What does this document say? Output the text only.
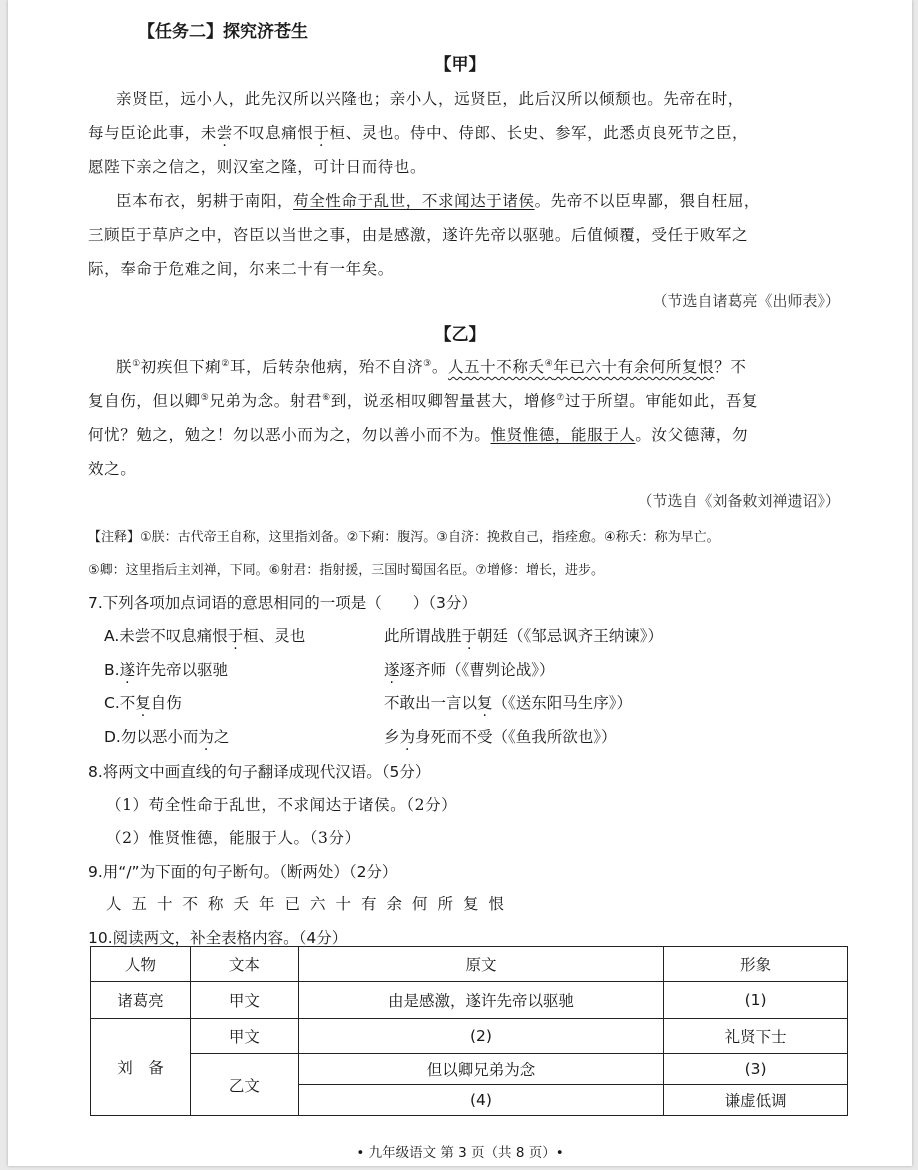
【任务二】探究济苍生
【甲】
亲贤臣，远小人，此先汉所以兴隆也；亲小人，远贤臣，此后汉所以倾颓也。先帝在时，
每与臣论此事，未尝不叹息痛恨于桓、灵也。侍中、侍郎、长史、参军，此悉贞良死节之臣，
愿陛下亲之信之，则汉室之隆，可计日而待也。
臣本布衣，躬耕于南阳，苟全性命于乱世，不求闻达于诸侯。先帝不以臣卑鄙，猥自枉屈，
三顾臣于草庐之中，咨臣以当世之事，由是感激，遂许先帝以驱驰。后值倾覆，受任于败军之
际，奉命于危难之间，尔来二十有一年矣。
（节选自诸葛亮《出师表》）
【乙】
朕①初疾但下痢②耳，后转杂他病，殆不自济③。人五十不称夭④年已六十有余何所复恨？不
复自伤，但以卿⑤兄弟为念。射君⑥到，说丞相叹卿智量甚大，增修⑦过于所望。审能如此，吾复
何忧？勉之，勉之！勿以恶小而为之，勿以善小而不为。惟贤惟德，能服于人。汝父德薄，勿
效之。
（节选自《刘备敕刘禅遗诏》）
【注释】①朕：古代帝王自称，这里指刘备。②下痢：腹泻。③自济：挽救自己，指痊愈。④称夭：称为早亡。
⑤卿：这里指后主刘禅，下同。⑥射君：指射援，三国时蜀国名臣。⑦增修：增长，进步。
7.下列各项加点词语的意思相同的一项是（　　）（3分）
A.未尝不叹息痛恨于桓、灵也	此所谓战胜于朝廷（《邹忌讽齐王纳谏》）
B.遂许先帝以驱驰	遂逐齐师（《曹刿论战》）
C.不复自伤	不敢出一言以复（《送东阳马生序》）
D.勿以恶小而为之	乡为身死而不受（《鱼我所欲也》）
8.将两文中画直线的句子翻译成现代汉语。（5分）
（1）苟全性命于乱世，不求闻达于诸侯。（2分）
（2）惟贤惟德，能服于人。（3分）
9.用“/”为下面的句子断句。（断两处）（2分）
人五十不称夭年已六十有余何所复恨
10.阅读两文，补全表格内容。（4分）
人物	文本	原文	形象
诸葛亮	甲文	由是感激，遂许先帝以驱驰	(1)
刘　备	甲文	(2)	礼贤下士
	乙文	但以卿兄弟为念	(3)
		(4)	谦虚低调
• 九年级语文 第 3 页（共 8 页）•
